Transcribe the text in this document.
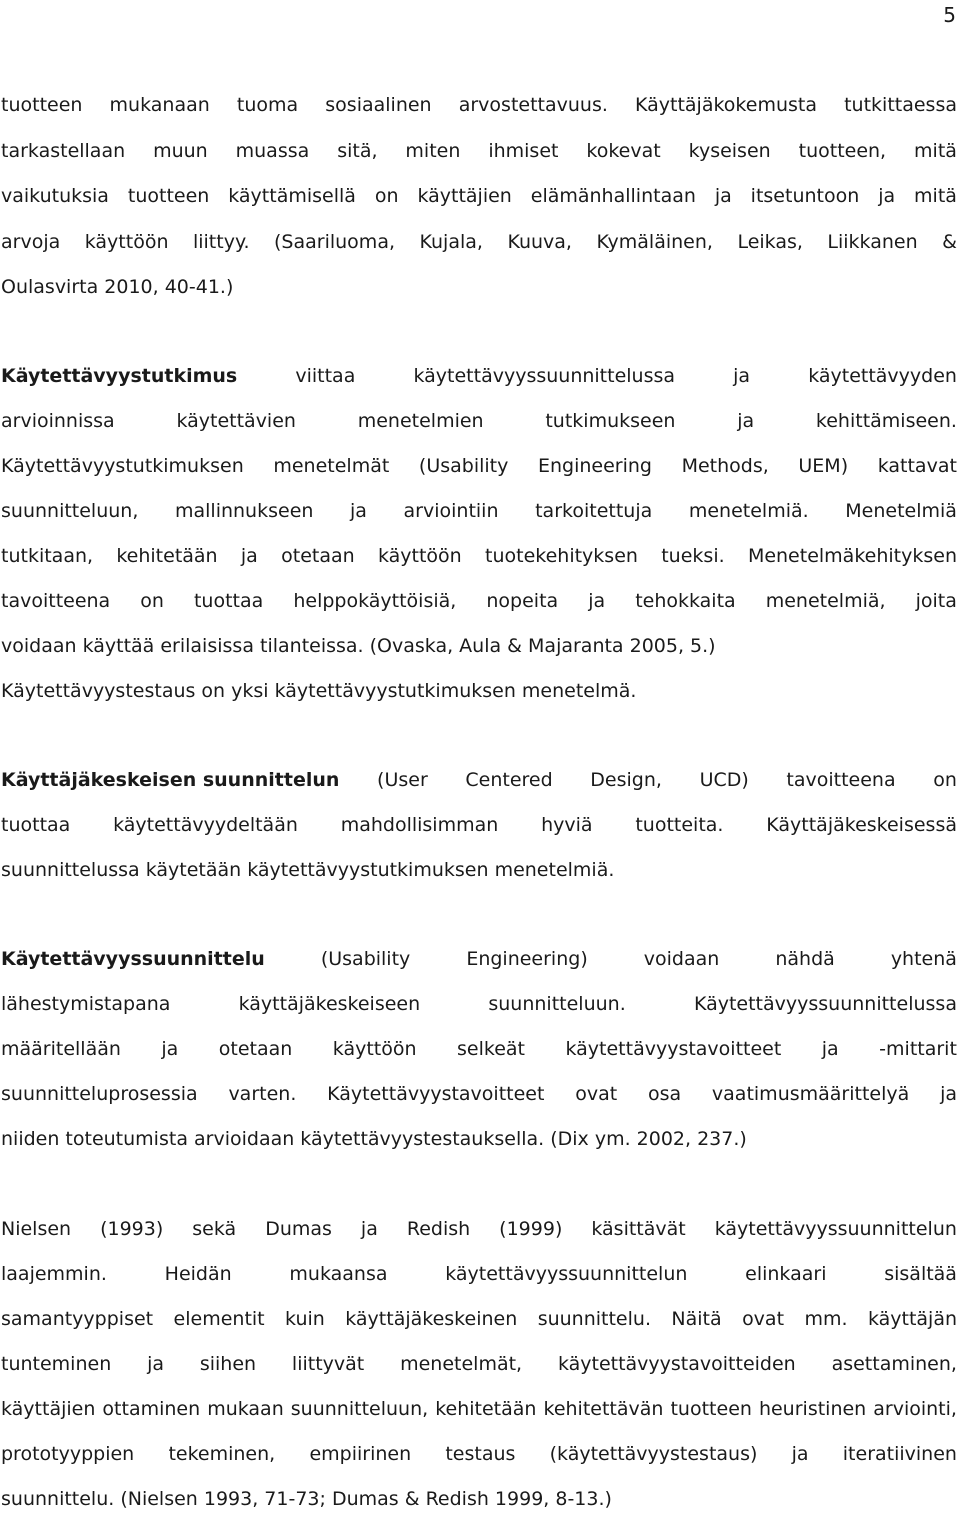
5
tuotteen mukanaan tuoma sosiaalinen arvostettavuus. Käyttäjäkokemusta tutkittaessa
tarkastellaan muun muassa sitä, miten ihmiset kokevat kyseisen tuotteen, mitä
vaikutuksia tuotteen käyttämisellä on käyttäjien elämänhallintaan ja itsetuntoon ja mitä
arvoja käyttöön liittyy. (Saariluoma, Kujala, Kuuva, Kymäläinen, Leikas, Liikkanen &
Oulasvirta 2010, 40-41.)
Käytettävyystutkimus	viittaa	käytettävyyssuunnittelussa	ja	käytettävyyden
arvioinnissa	käytettävien	menetelmien	tutkimukseen	ja	kehittämiseen.
Käytettävyystutkimuksen menetelmät (Usability Engineering Methods, UEM) kattavat
suunnitteluun, mallinnukseen ja arviointiin tarkoitettuja menetelmiä. Menetelmiä
tutkitaan, kehitetään ja otetaan käyttöön tuotekehityksen tueksi. Menetelmäkehityksen
tavoitteena on tuottaa helppokäyttöisiä, nopeita ja tehokkaita menetelmiä, joita
voidaan käyttää erilaisissa tilanteissa. (Ovaska, Aula & Majaranta 2005, 5.)
Käytettävyystestaus on yksi käytettävyystutkimuksen menetelmä.
Käyttäjäkeskeisen suunnittelun (User Centered Design, UCD) tavoitteena on
tuottaa käytettävyydeltään mahdollisimman hyviä tuotteita. Käyttäjäkeskeisessä
suunnittelussa käytetään käytettävyystutkimuksen menetelmiä.
Käytettävyyssuunnittelu	(Usability	Engineering)	voidaan	nähdä	yhtenä
lähestymistapana	käyttäjäkeskeiseen	suunnitteluun.	Käytettävyyssuunnittelussa
määritellään ja otetaan käyttöön selkeät käytettävyystavoitteet ja -mittarit
suunnitteluprosessia varten. Käytettävyystavoitteet ovat osa vaatimusmäärittelyä ja
niiden toteutumista arvioidaan käytettävyystestauksella. (Dix ym. 2002, 237.)
Nielsen (1993) sekä Dumas ja Redish (1999) käsittävät käytettävyyssuunnittelun
laajemmin.	Heidän	mukaansa	käytettävyyssuunnittelun	elinkaari	sisältää
samantyyppiset elementit kuin käyttäjäkeskeinen suunnittelu. Näitä ovat mm. käyttäjän
tunteminen ja siihen liittyvät menetelmät, käytettävyystavoitteiden asettaminen,
käyttäjien ottaminen mukaan suunnitteluun, kehitetään kehitettävän tuotteen heuristinen arviointi,
prototyyppien tekeminen, empiirinen testaus (käytettävyystestaus) ja iteratiivinen
suunnittelu. (Nielsen 1993, 71-73; Dumas & Redish 1999, 8-13.)
